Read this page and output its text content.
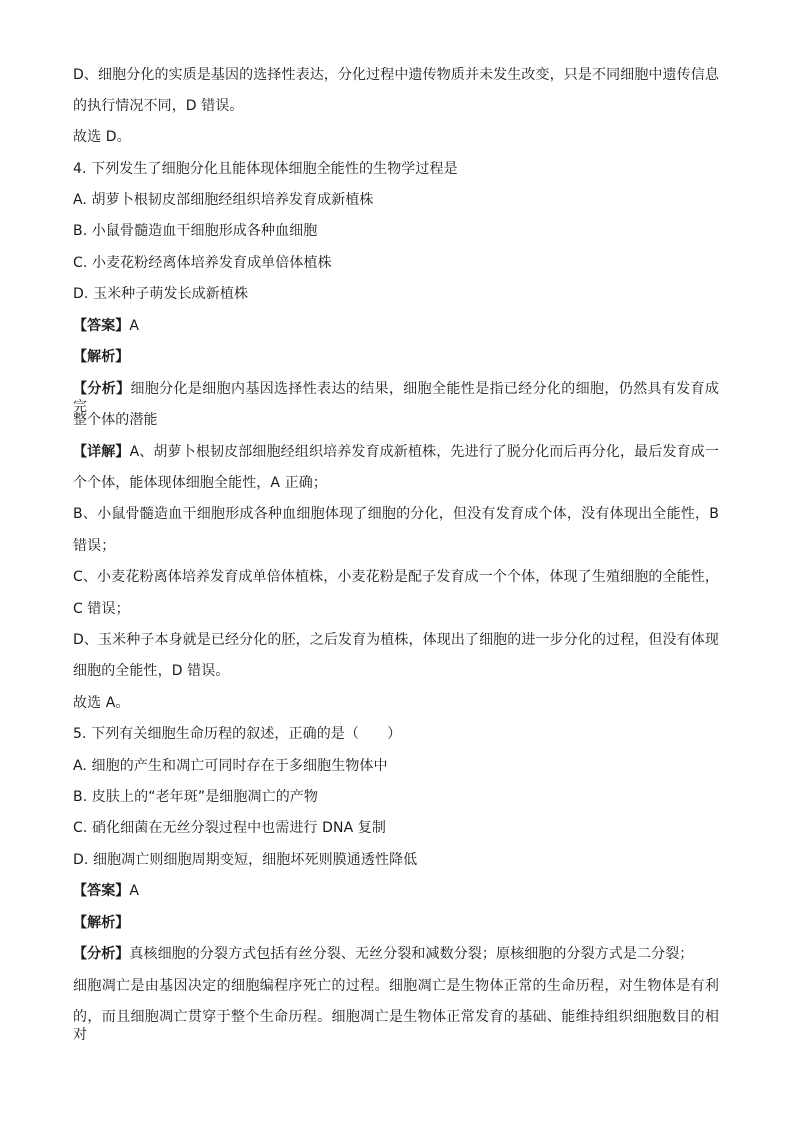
D、细胞分化的实质是基因的选择性表达，分化过程中遗传物质并未发生改变，只是不同细胞中遗传信息
的执行情况不同，D 错误。
故选 D。
4. 下列发生了细胞分化且能体现体细胞全能性的生物学过程是
A. 胡萝卜根韧皮部细胞经组织培养发育成新植株
B. 小鼠骨髓造血干细胞形成各种血细胞
C. 小麦花粉经离体培养发育成单倍体植株
D. 玉米种子萌发长成新植株
【答案】A
【解析】
【分析】细胞分化是细胞内基因选择性表达的结果，细胞全能性是指已经分化的细胞，仍然具有发育成完
整个体的潜能
【详解】A、胡萝卜根韧皮部细胞经组织培养发育成新植株，先进行了脱分化而后再分化，最后发育成一
个个体，能体现体细胞全能性，A 正确；
B、小鼠骨髓造血干细胞形成各种血细胞体现了细胞的分化，但没有发育成个体，没有体现出全能性，B
错误；
C、小麦花粉离体培养发育成单倍体植株，小麦花粉是配子发育成一个个体，体现了生殖细胞的全能性，
C 错误；
D、玉米种子本身就是已经分化的胚，之后发育为植株，体现出了细胞的进一步分化的过程，但没有体现
细胞的全能性，D 错误。
故选 A。
5. 下列有关细胞生命历程的叙述，正确的是（　　）
A. 细胞的产生和凋亡可同时存在于多细胞生物体中
B. 皮肤上的“老年斑”是细胞凋亡的产物
C. 硝化细菌在无丝分裂过程中也需进行 DNA 复制
D. 细胞凋亡则细胞周期变短，细胞坏死则膜通透性降低
【答案】A
【解析】
【分析】真核细胞的分裂方式包括有丝分裂、无丝分裂和减数分裂；原核细胞的分裂方式是二分裂；
细胞凋亡是由基因决定的细胞编程序死亡的过程。细胞凋亡是生物体正常的生命历程，对生物体是有利
的，而且细胞凋亡贯穿于整个生命历程。细胞凋亡是生物体正常发育的基础、能维持组织细胞数目的相对
